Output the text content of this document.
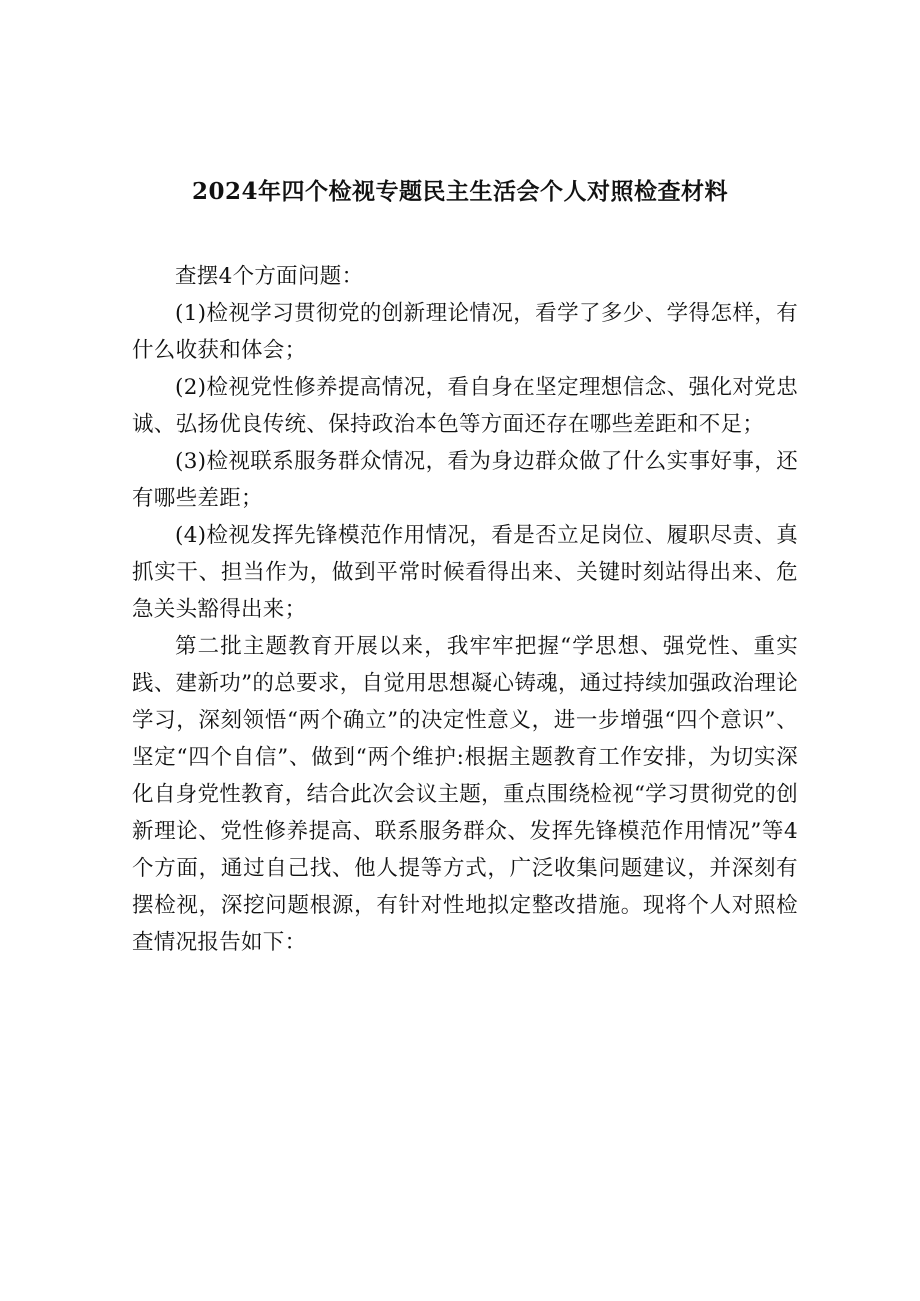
2024年四个检视专题民主生活会个人对照检查材料

查摆4个方面问题：

(1)检视学习贯彻党的创新理论情况，看学了多少、学得怎样，有什么收获和体会；

(2)检视党性修养提高情况，看自身在坚定理想信念、强化对党忠诚、弘扬优良传统、保持政治本色等方面还存在哪些差距和不足；

(3)检视联系服务群众情况，看为身边群众做了什么实事好事，还有哪些差距；

(4)检视发挥先锋模范作用情况，看是否立足岗位、履职尽责、真抓实干、担当作为，做到平常时候看得出来、关键时刻站得出来、危急关头豁得出来；

第二批主题教育开展以来，我牢牢把握“学思想、强党性、重实践、建新功”的总要求，自觉用思想凝心铸魂，通过持续加强政治理论学习，深刻领悟“两个确立”的决定性意义，进一步增强“四个意识”、坚定“四个自信”、做到“两个维护:根据主题教育工作安排，为切实深化自身党性教育，结合此次会议主题，重点围绕检视“学习贯彻党的创新理论、党性修养提高、联系服务群众、发挥先锋模范作用情况”等4个方面，通过自己找、他人提等方式，广泛收集问题建议，并深刻有摆检视，深挖问题根源，有针对性地拟定整改措施。现将个人对照检查情况报告如下：
